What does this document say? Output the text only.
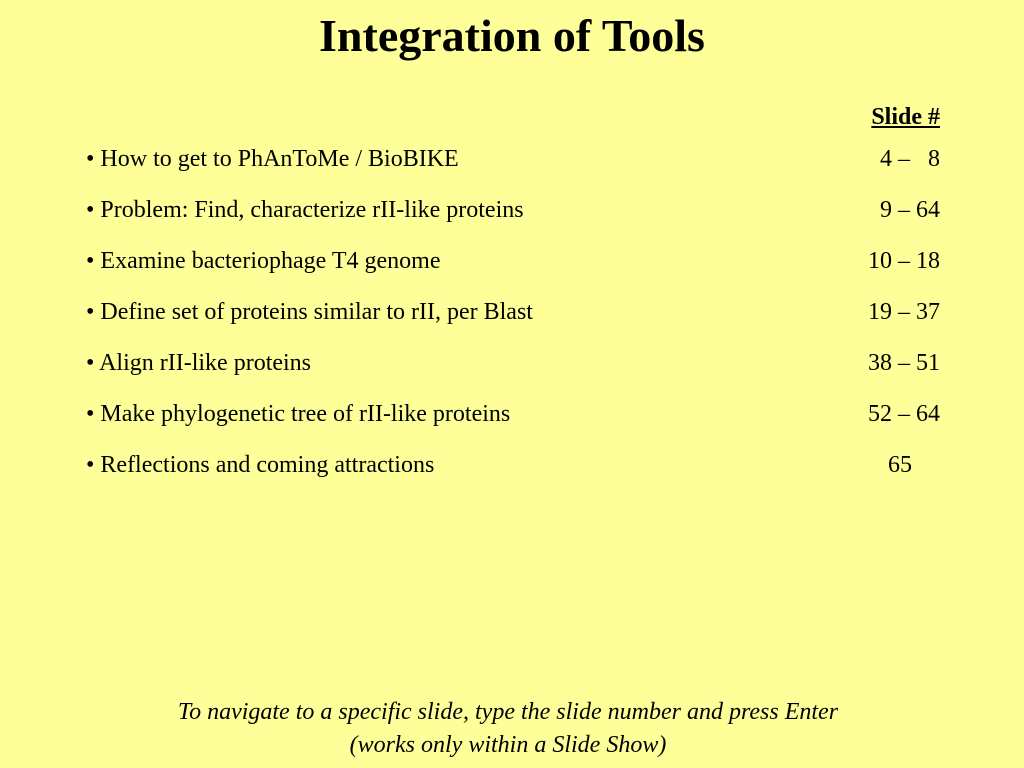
Integration of Tools
Slide #
• How to get to PhAnToMe / BioBIKE	4 –   8
• Problem: Find, characterize rII-like proteins	9 – 64
• Examine bacteriophage T4 genome	10 – 18
• Define set of proteins similar to rII, per Blast	19 – 37
• Align rII-like proteins	38 – 51
• Make phylogenetic tree of rII-like proteins	52 – 64
• Reflections and coming attractions	65
To navigate to a specific slide, type the slide number and press Enter
(works only within a Slide Show)
